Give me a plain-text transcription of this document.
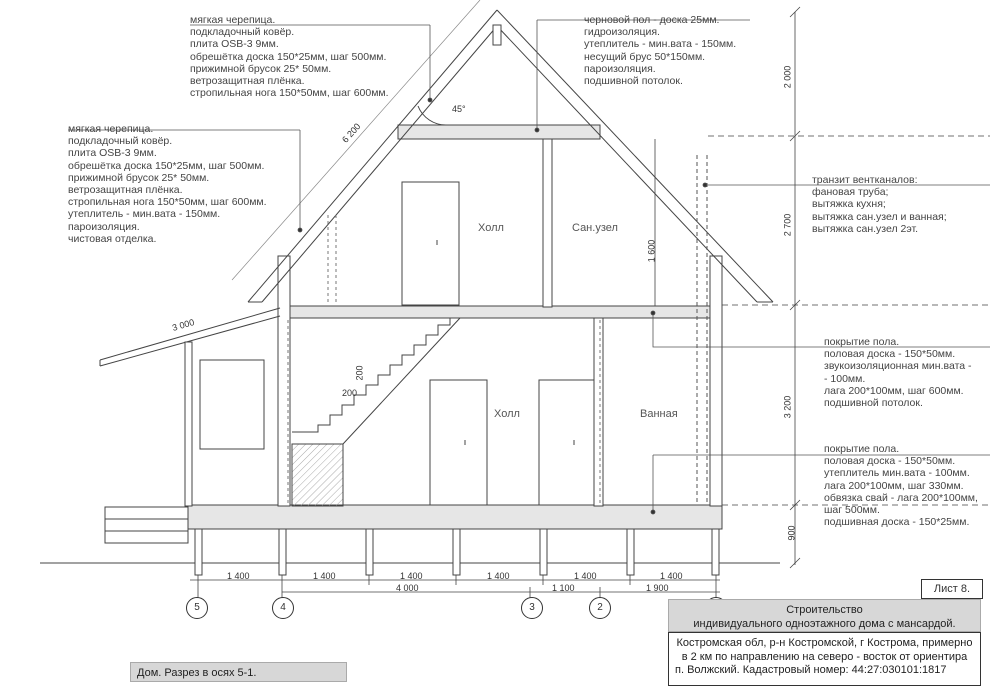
мягкая черепица.
подкладочный ковёр.
плита OSB-3 9мм.
обрешётка доска 150*25мм, шаг 500мм.
прижимной брусок 25* 50мм.
ветрозащитная плёнка.
стропильная нога 150*50мм, шаг 600мм.
мягкая черепица.
подкладочный ковёр.
плита OSB-3 9мм.
обрешётка доска 150*25мм, шаг 500мм.
прижимной брусок 25* 50мм.
ветрозащитная плёнка.
стропильная нога 150*50мм, шаг 600мм.
утеплитель - мин.вата - 150мм.
пароизоляция.
чистовая отделка.
черновой пол - доска 25мм.
гидроизоляция.
утеплитель - мин.вата - 150мм.
несущий брус 50*150мм.
пароизоляция.
подшивной потолок.
транзит вентканалов:
фановая труба;
вытяжка кухня;
вытяжка сан.узел и ванная;
вытяжка сан.узел 2эт.
покрытие пола.
половая доска - 150*50мм.
звукоизоляционная мин.вата -
- 100мм.
лага 200*100мм, шаг 600мм.
подшивной потолок.
покрытие пола.
половая доска - 150*50мм.
утеплитель мин.вата - 100мм.
лага 200*100мм, шаг 330мм.
обвязка свай - лага 200*100мм,
шаг 500мм.
подшивная доска - 150*25мм.
Холл	Сан.узел
Холл	Ванная
6 200
3 000
45°
1 600
200
200
2 000
2 700
3 200
900
1 400	1 400	1 400	1 400	1 400	1 400
4 000	1 100	1 900
5	4	3	2
Лист 8.
Строительство
индивидуального одноэтажного дома с мансардой.
Костромская обл, р-н Костромской, г Кострома, примерно
в 2 км по направлению на северо - восток от ориентира
п. Волжский. Кадастровый номер: 44:27:030101:1817
Дом. Разрез в осях 5-1.
